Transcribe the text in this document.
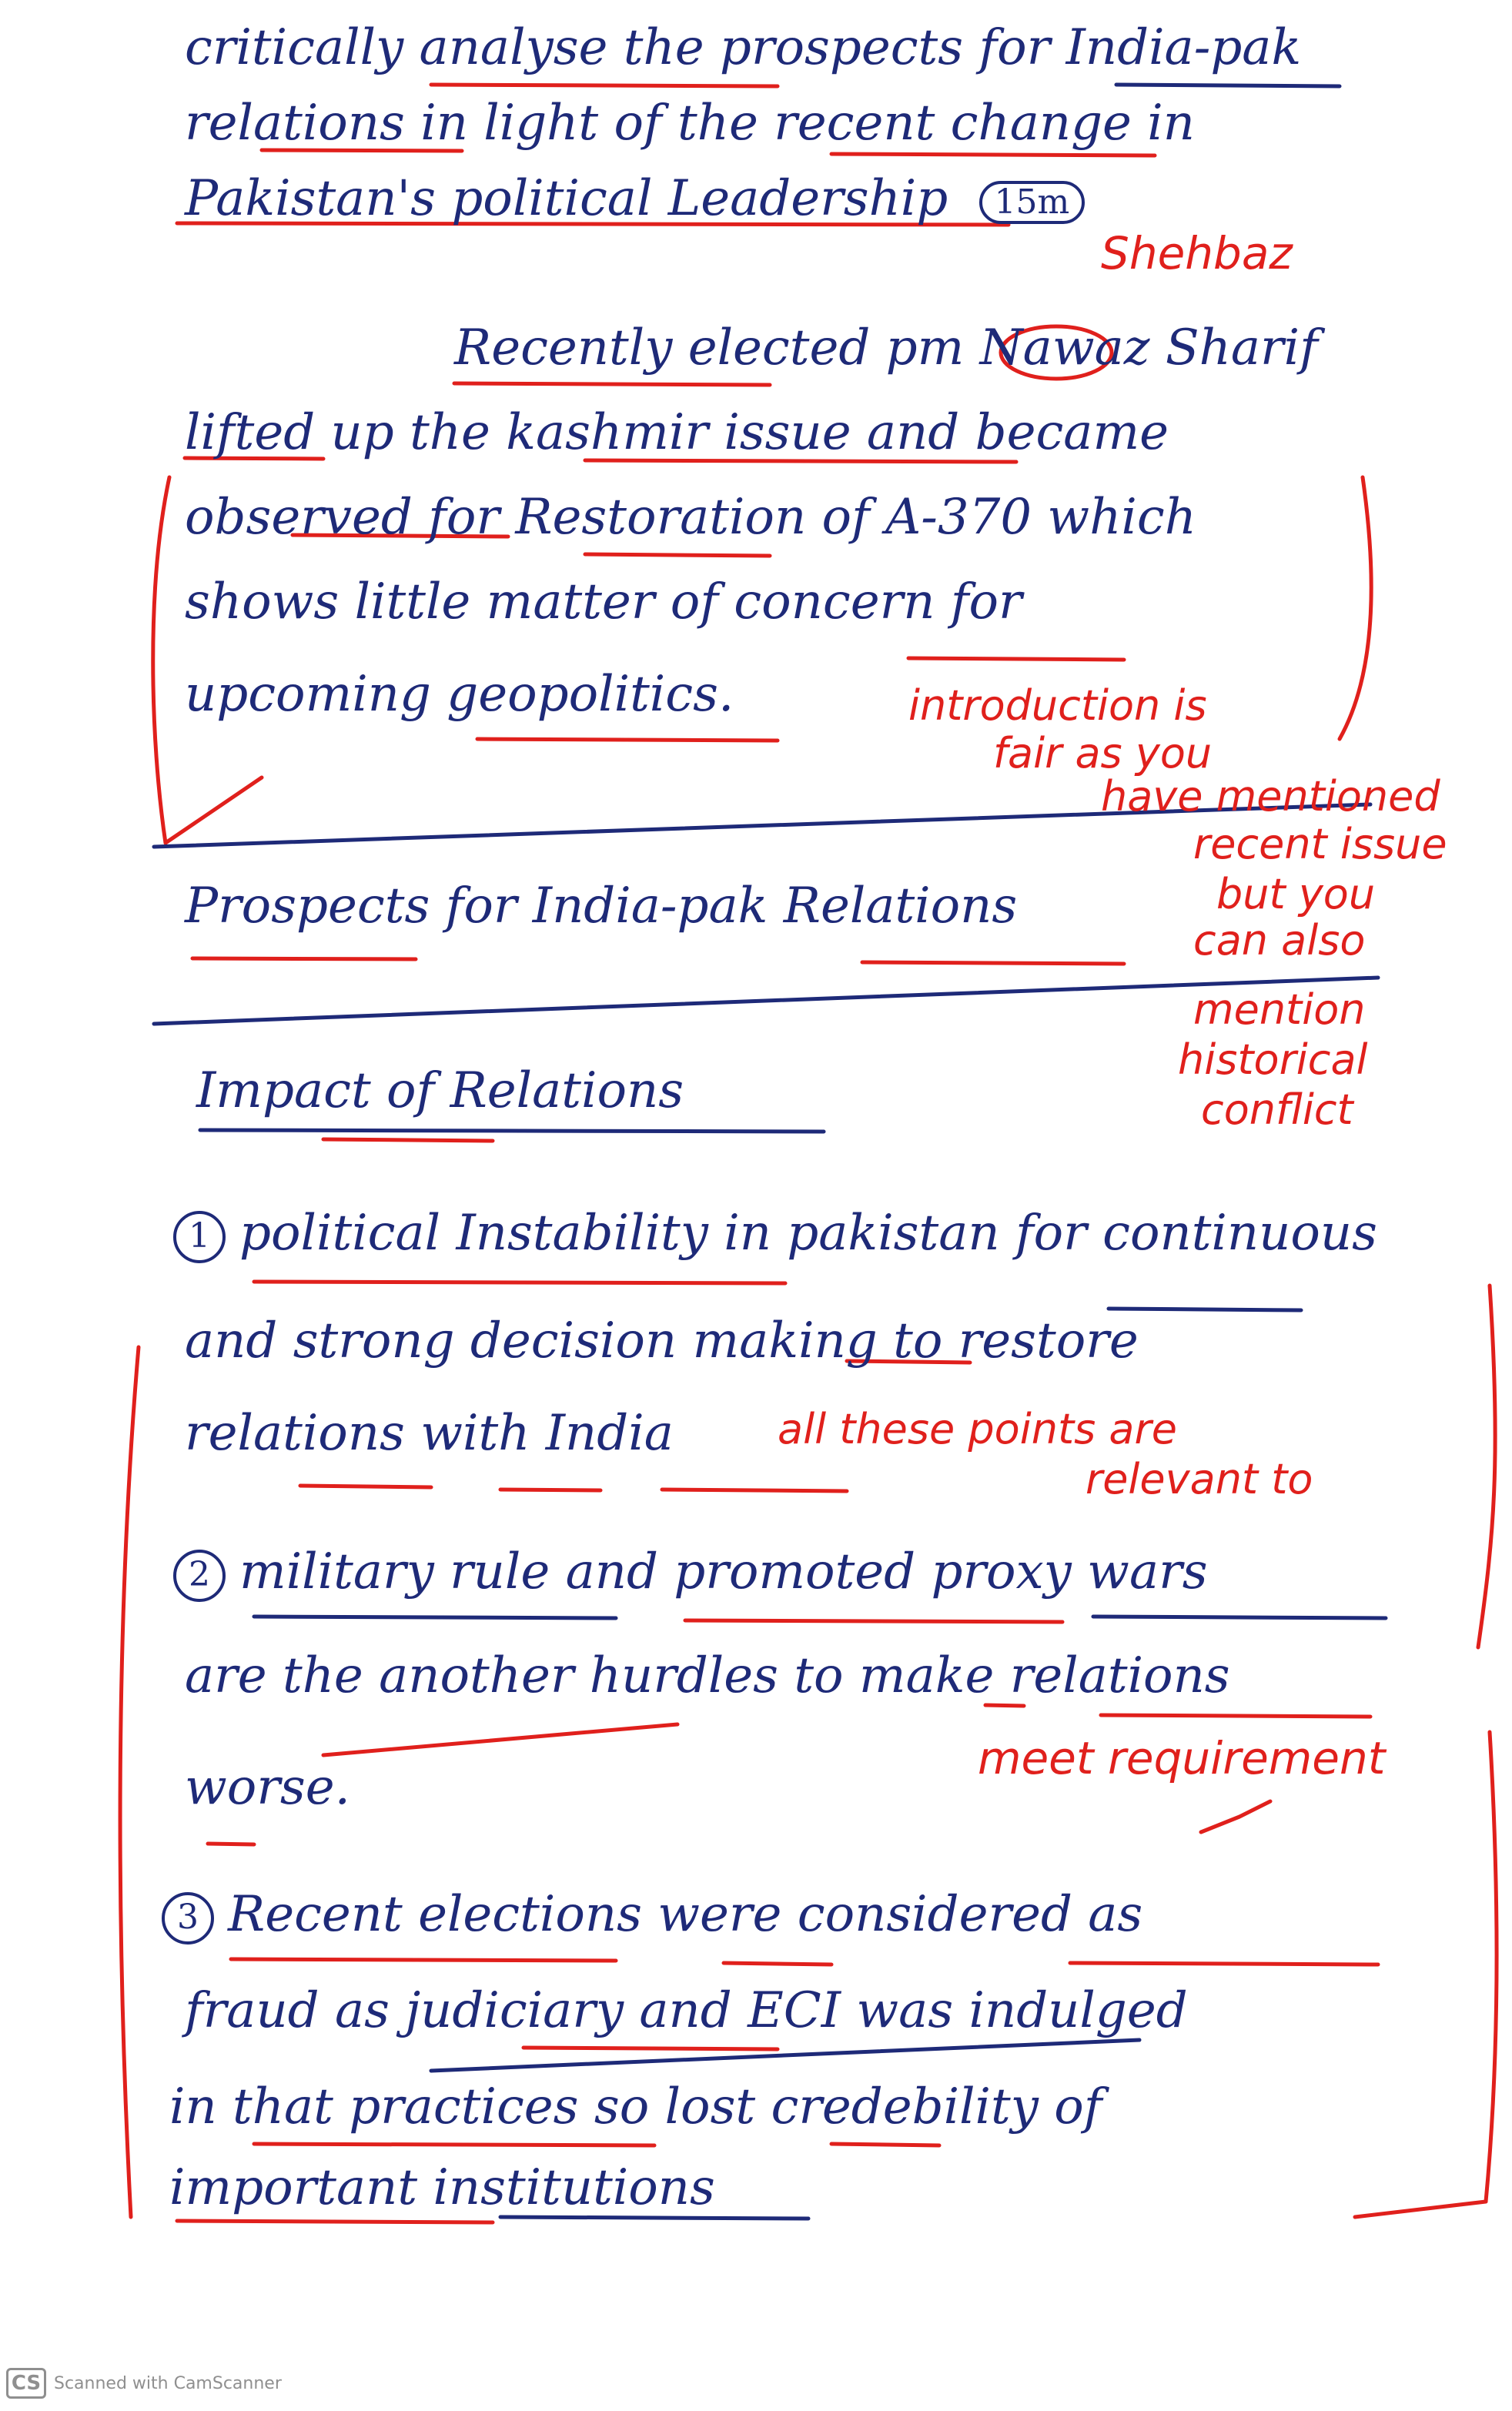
critically analyse the prospects for India-pak
relations in light of the recent change in
Pakistan's political Leadership 15m
Shehbaz
Recently elected pm Nawaz Sharif
lifted up the kashmir issue and became
observed for Restoration of A-370 which
shows little matter of concern for
upcoming geopolitics.	introduction is
fair as you
have mentioned
recent issue
but you
can also
mention
historical
conflict
Prospects for India-pak Relations
Impact of Relations
1 political Instability in pakistan for continuous
and strong decision making to restore
relations with India	all these points are
relevant to
2 military rule and promoted proxy wars
are the another hurdles to make relations
worse.
meet requirement
3 Recent elections were considered as
fraud as judiciary and ECI was indulged
in that practices so lost credebility of
important institutions
CS Scanned with CamScanner
